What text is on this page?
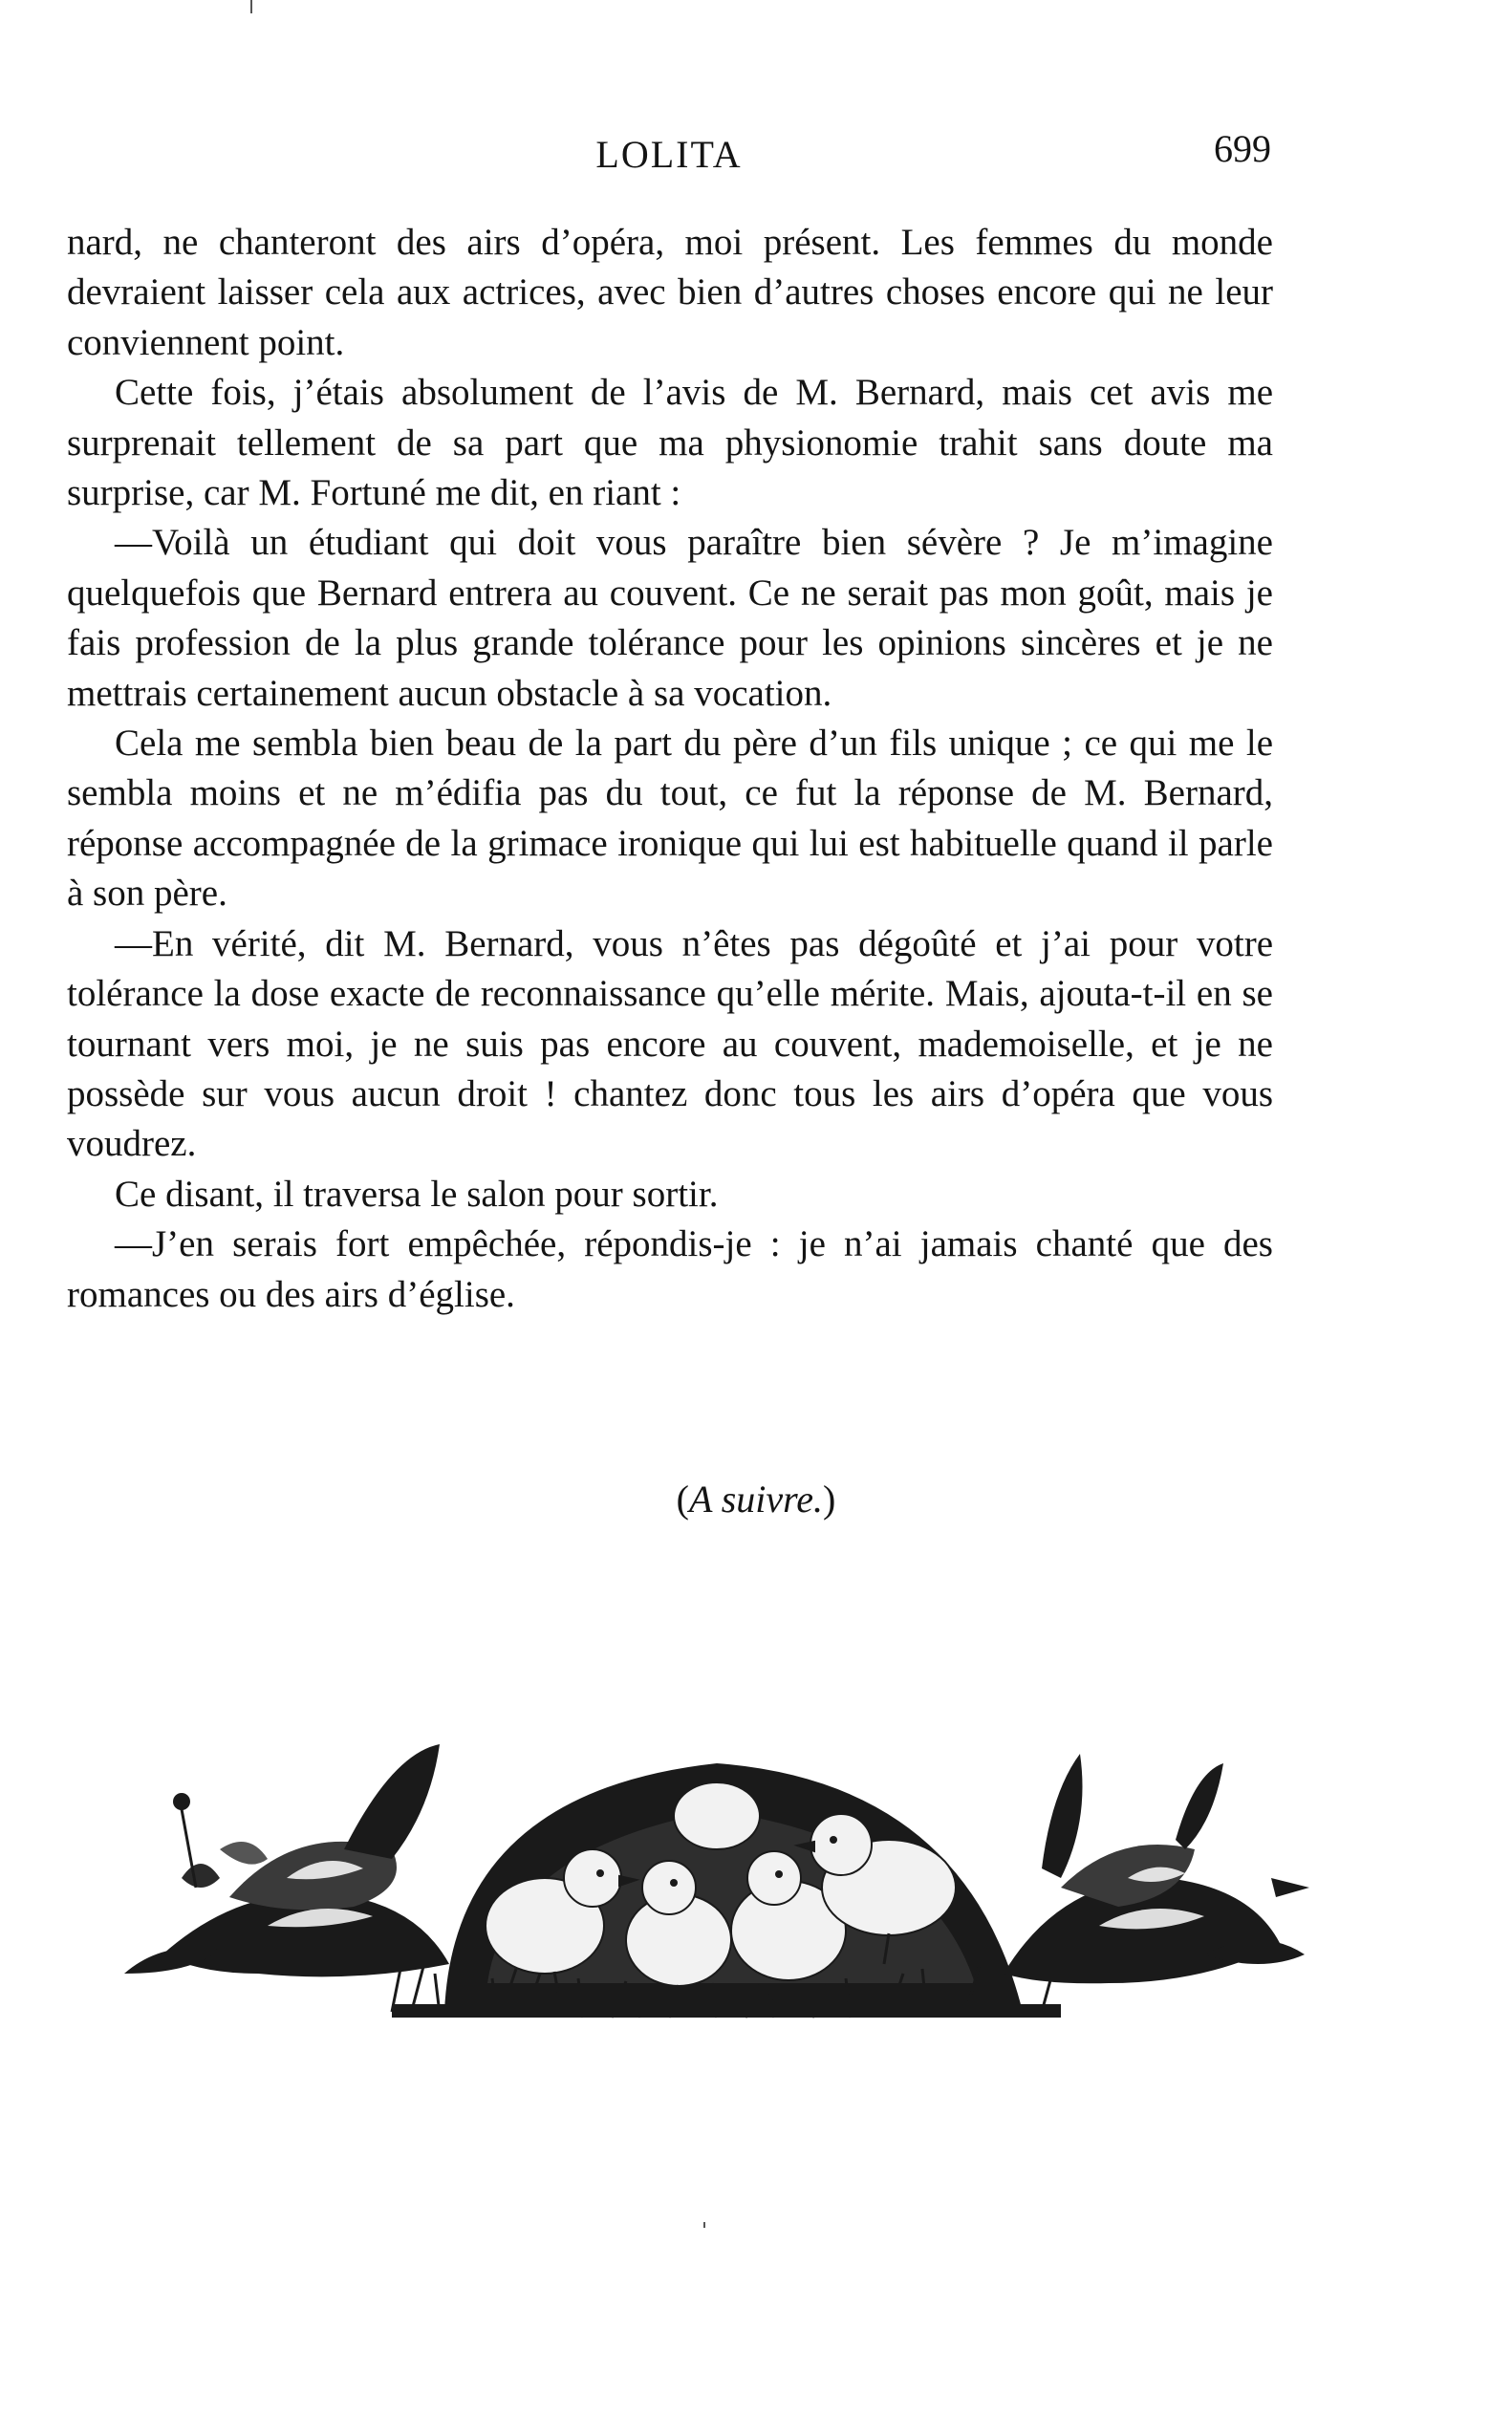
LOLITA	699

nard, ne chanteront des airs d’opéra, moi présent. Les femmes du monde devraient laisser cela aux actrices, avec bien d’autres choses encore qui ne leur conviennent point.

Cette fois, j’étais absolument de l’avis de M. Bernard, mais cet avis me surprenait tellement de sa part que ma physionomie trahit sans doute ma surprise, car M. Fortuné me dit, en riant :

—Voilà un étudiant qui doit vous paraître bien sévère ? Je m’imagine quelquefois que Bernard entrera au couvent. Ce ne serait pas mon goût, mais je fais profession de la plus grande tolérance pour les opinions sincères et je ne mettrais certainement aucun obstacle à sa vocation.

Cela me sembla bien beau de la part du père d’un fils unique ; ce qui me le sembla moins et ne m’édifia pas du tout, ce fut la réponse de M. Bernard, réponse accompagnée de la grimace ironique qui lui est habituelle quand il parle à son père.

—En vérité, dit M. Bernard, vous n’êtes pas dégoûté et j’ai pour votre tolérance la dose exacte de reconnaissance qu’elle mérite. Mais, ajouta-t-il en se tournant vers moi, je ne suis pas encore au couvent, mademoiselle, et je ne possède sur vous aucun droit ! chantez donc tous les airs d’opéra que vous voudrez.

Ce disant, il traversa le salon pour sortir.

—J’en serais fort empêchée, répondis-je : je n’ai jamais chanté que des romances ou des airs d’église.

(A suivre.)
